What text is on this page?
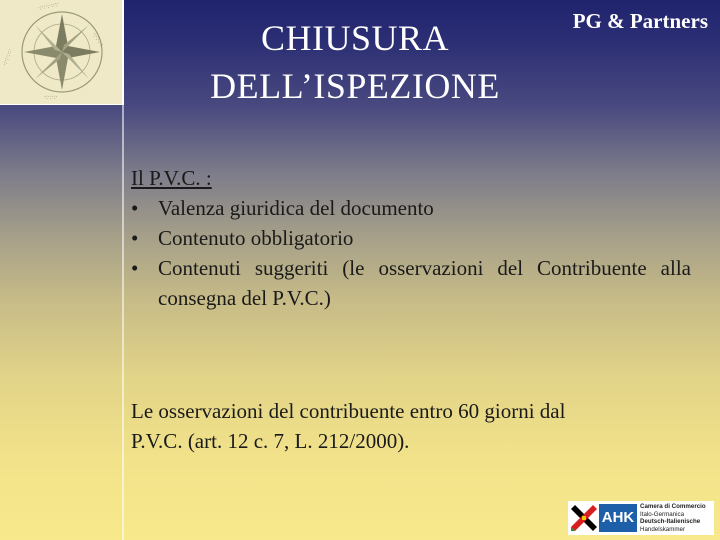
·:·:·:·:·:·
·:·:·:·:
·:·:·:·:·
·:·:·:·
CHIUSURA
DELL’ISPEZIONE
PG & Partners
Il P.V.C. :
• Valenza giuridica del documento
• Contenuto obbligatorio
• Contenuti suggeriti (le osservazioni del Contribuente alla consegna del P.V.C.)
Le osservazioni del contribuente entro 60 giorni dal
P.V.C. (art. 12 c. 7, L. 212/2000).
AHK
Camera di Commercio
Italo-Germanica
Deutsch-Italienische
Handelskammer
